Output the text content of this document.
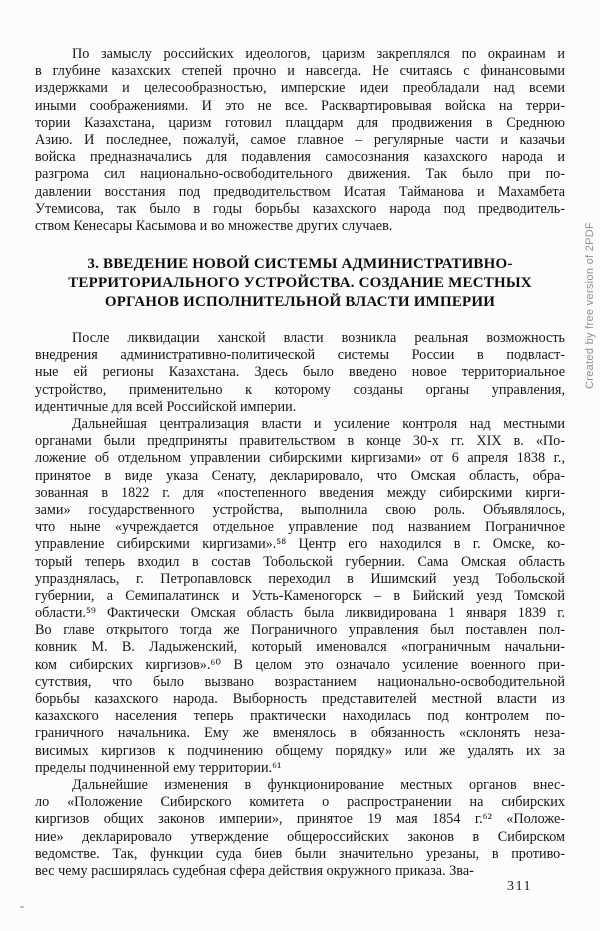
По замыслу российских идеологов, царизм закреплялся по окраинам и
в глубине казахских степей прочно и навсегда. Не считаясь с финансовыми
издержками и целесообразностью, имперские идеи преобладали над всеми
иными соображениями. И это не все. Расквартировывая войска на терри-
тории Казахстана, царизм готовил плацдарм для продвижения в Среднюю
Азию. И последнее, пожалуй, самое главное – регулярные части и казачьи
войска предназначались для подавления самосознания казахского народа и
разгрома сил национально-освободительного движения. Так было при по-
давлении восстания под предводительством Исатая Тайманова и Махамбета
Утемисова, так было в годы борьбы казахского народа под предводитель-
ством Кенесары Касымова и во множестве других случаев.
3. ВВЕДЕНИЕ НОВОЙ СИСТЕМЫ АДМИНИСТРАТИВНО-
ТЕРРИТОРИАЛЬНОГО УСТРОЙСТВА. СОЗДАНИЕ МЕСТНЫХ
ОРГАНОВ ИСПОЛНИТЕЛЬНОЙ ВЛАСТИ ИМПЕРИИ
После ликвидации ханской власти возникла реальная возможность
внедрения административно-политической системы России в подвласт-
ные ей регионы Казахстана. Здесь было введено новое территориальное
устройство, применительно к которому созданы органы управления,
идентичные для всей Российской империи.
Дальнейшая централизация власти и усиление контроля над местными
органами были предприняты правительством в конце 30-х гг. XIX в. «По-
ложение об отдельном управлении сибирскими киргизами» от 6 апреля 1838 г.,
принятое в виде указа Сенату, декларировало, что Омская область, обра-
зованная в 1822 г. для «постепенного введения между сибирскими кирги-
зами» государственного устройства, выполнила свою роль. Объявлялось,
что ныне «учреждается отдельное управление под названием Пограничное
управление сибирскими киргизами».⁵⁸ Центр его находился в г. Омске, ко-
торый теперь входил в состав Тобольской губернии. Сама Омская область
упразднялась, г. Петропавловск переходил в Ишимский уезд Тобольской
губернии, а Семипалатинск и Усть-Каменогорск – в Бийский уезд Томской
области.⁵⁹ Фактически Омская область была ликвидирована 1 января 1839 г.
Во главе открытого тогда же Пограничного управления был поставлен пол-
ковник М. В. Ладыженский, который именовался «пограничным начальни-
ком сибирских киргизов».⁶⁰ В целом это означало усиление военного при-
сутствия, что было вызвано возрастанием национально-освободительной
борьбы казахского народа. Выборность представителей местной власти из
казахского населения теперь практически находилась под контролем по-
граничного начальника. Ему же вменялось в обязанность «склонять неза-
висимых киргизов к подчинению общему порядку» или же удалять их за
пределы подчиненной ему территории.⁶¹
Дальнейшие изменения в функционирование местных органов внес-
ло «Положение Сибирского комитета о распространении на сибирских
киргизов общих законов империи», принятое 19 мая 1854 г.⁶² «Положе-
ние» декларировало утверждение общероссийских законов в Сибирском
ведомстве. Так, функции суда биев были значительно урезаны, в противо-
вес чему расширялась судебная сфера действия окружного приказа. Зва-
Created by free version of 2PDF
311
